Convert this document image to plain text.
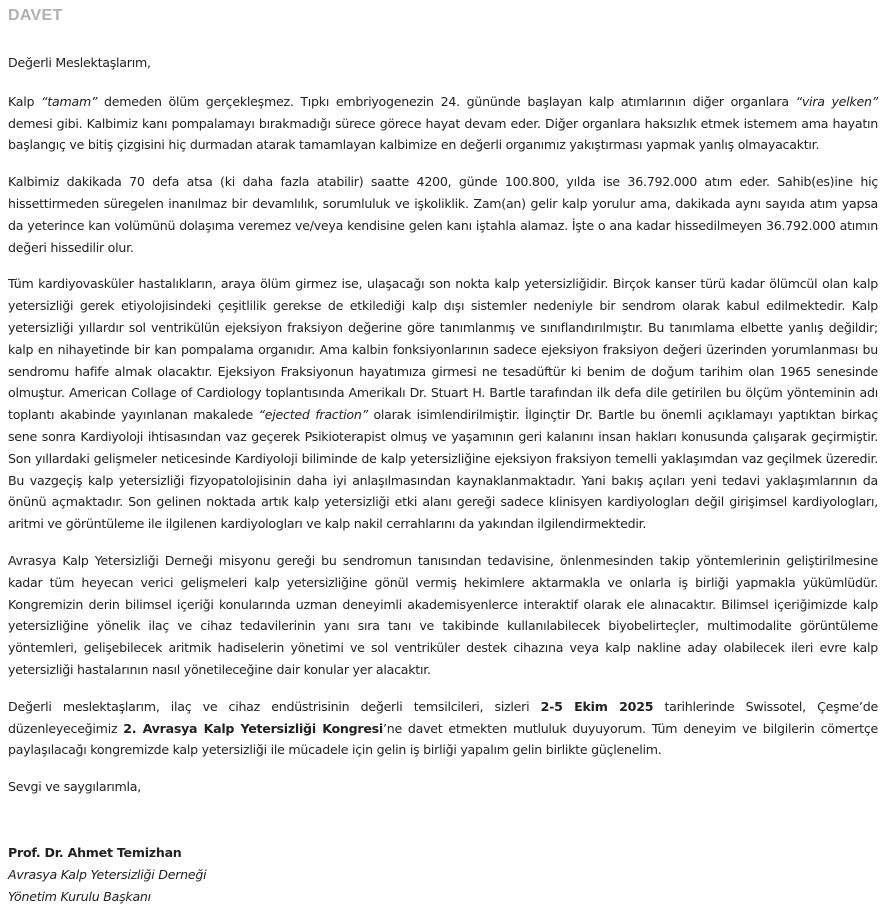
DAVET
Değerli Meslektaşlarım,
Kalp “tamam” demeden ölüm gerçekleşmez. Tıpkı embriyogenezin 24. gününde başlayan kalp atımlarının diğer organlara “vira yelken” demesi gibi. Kalbimiz kanı pompalamayı bırakmadığı sürece görece hayat devam eder. Diğer organlara haksızlık etmek istemem ama hayatın başlangıç ve bitiş çizgisini hiç durmadan atarak tamamlayan kalbimize en değerli organımız yakıştırması yapmak yanlış olmayacaktır.
Kalbimiz dakikada 70 defa atsa (ki daha fazla atabilir) saatte 4200, günde 100.800, yılda ise 36.792.000 atım eder. Sahib(es)ine hiç hissettirmeden süregelen inanılmaz bir devamlılık, sorumluluk ve işkoliklik. Zam(an) gelir kalp yorulur ama, dakikada aynı sayıda atım yapsa da yeterince kan volümünü dolaşıma veremez ve/veya kendisine gelen kanı iştahla alamaz. İşte o ana kadar hissedilmeyen 36.792.000 atımın değeri hissedilir olur.
Tüm kardiyovasküler hastalıkların, araya ölüm girmez ise, ulaşacağı son nokta kalp yetersizliğidir. Birçok kanser türü kadar ölümcül olan kalp yetersizliği gerek etiyolojisindeki çeşitlilik gerekse de etkilediği kalp dışı sistemler nedeniyle bir sendrom olarak kabul edilmektedir. Kalp yetersizliği yıllardır sol ventrikülün ejeksiyon fraksiyon değerine göre tanımlanmış ve sınıflandırılmıştır. Bu tanımlama elbette yanlış değildir; kalp en nihayetinde bir kan pompalama organıdır. Ama kalbin fonksiyonlarının sadece ejeksiyon fraksiyon değeri üzerinden yorumlanması bu sendromu hafife almak olacaktır. Ejeksiyon Fraksiyonun hayatımıza girmesi ne tesadüftür ki benim de doğum tarihim olan 1965 senesinde olmuştur. American Collage of Cardiology toplantısında Amerikalı Dr. Stuart H. Bartle tarafından ilk defa dile getirilen bu ölçüm yönteminin adı toplantı akabinde yayınlanan makalede “ejected fraction” olarak isimlendirilmiştir. İlginçtir Dr. Bartle bu önemli açıklamayı yaptıktan birkaç sene sonra Kardiyoloji ihtisasından vaz geçerek Psikioterapist olmuş ve yaşamının geri kalanını insan hakları konusunda çalışarak geçirmiştir. Son yıllardaki gelişmeler neticesinde Kardiyoloji biliminde de kalp yetersizliğine ejeksiyon fraksiyon temelli yaklaşımdan vaz geçilmek üzeredir. Bu vazgeçiş kalp yetersizliği fizyopatolojisinin daha iyi anlaşılmasından kaynaklanmaktadır. Yani bakış açıları yeni tedavi yaklaşımlarının da önünü açmaktadır. Son gelinen noktada artık kalp yetersizliği etki alanı gereği sadece klinisyen kardiyologları değil girişimsel kardiyologları, aritmi ve görüntüleme ile ilgilenen kardiyologları ve kalp nakil cerrahlarını da yakından ilgilendirmektedir.
Avrasya Kalp Yetersizliği Derneği misyonu gereği bu sendromun tanısından tedavisine, önlenmesinden takip yöntemlerinin geliştirilmesine kadar tüm heyecan verici gelişmeleri kalp yetersizliğine gönül vermiş hekimlere aktarmakla ve onlarla iş birliği yapmakla yükümlüdür. Kongremizin derin bilimsel içeriği konularında uzman deneyimli akademisyenlerce interaktif olarak ele alınacaktır. Bilimsel içeriğimizde kalp yetersizliğine yönelik ilaç ve cihaz tedavilerinin yanı sıra tanı ve takibinde kullanılabilecek biyobelirteçler, multimodalite görüntüleme yöntemleri, gelişebilecek aritmik hadiselerin yönetimi ve sol ventriküler destek cihazına veya kalp nakline aday olabilecek ileri evre kalp yetersizliği hastalarının nasıl yönetileceğine dair konular yer alacaktır.
Değerli meslektaşlarım, ilaç ve cihaz endüstrisinin değerli temsilcileri, sizleri 2-5 Ekim 2025 tarihlerinde Swissotel, Çeşme’de düzenleyeceğimiz 2. Avrasya Kalp Yetersizliği Kongresi’ne davet etmekten mutluluk duyuyorum. Tüm deneyim ve bilgilerin cömertçe paylaşılacağı kongremizde kalp yetersizliği ile mücadele için gelin iş birliği yapalım gelin birlikte güçlenelim.
Sevgi ve saygılarımla,
Prof. Dr. Ahmet Temizhan
Avrasya Kalp Yetersizliği Derneği
Yönetim Kurulu Başkanı
